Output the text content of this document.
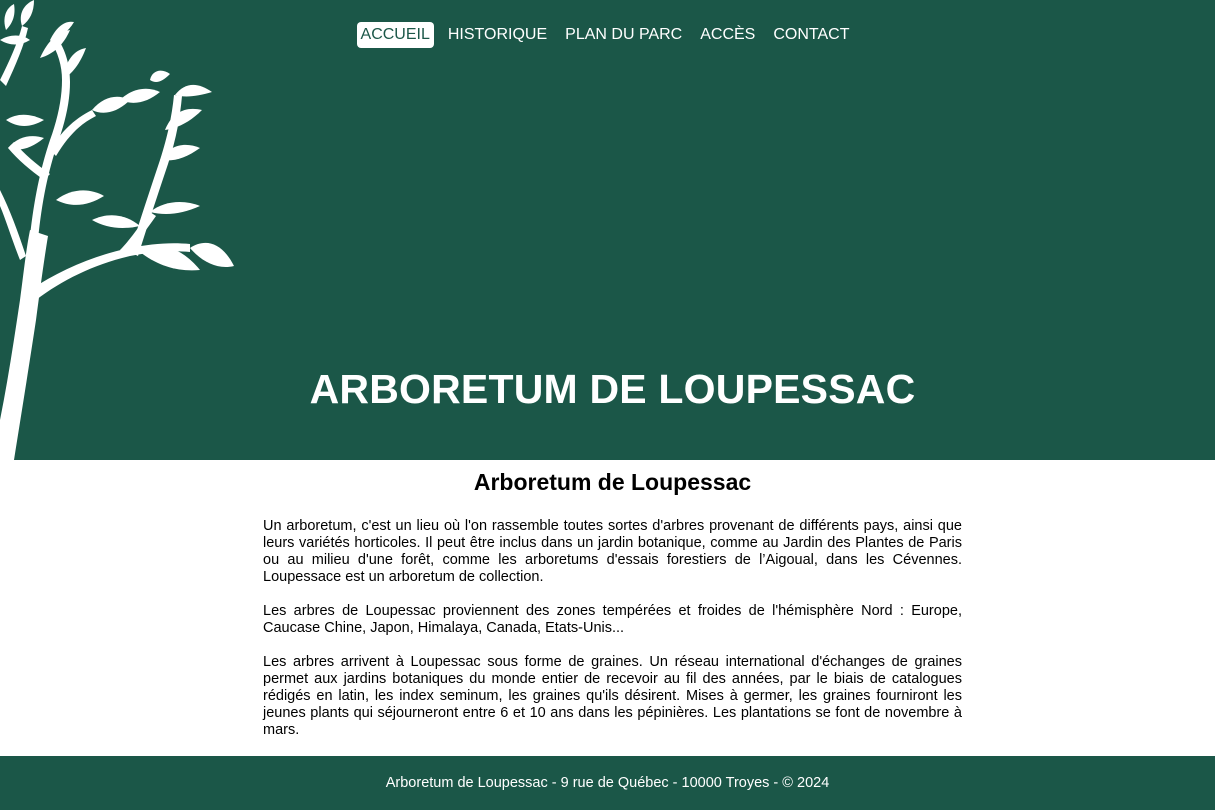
ACCUEIL	HISTORIQUE	PLAN DU PARC	ACCÈS	CONTACT
ARBORETUM DE LOUPESSAC
Arboretum de Loupessac

Un arboretum, c'est un lieu où l'on rassemble toutes sortes d'arbres provenant de différents pays, ainsi que leurs variétés horticoles. Il peut être inclus dans un jardin botanique, comme au Jardin des Plantes de Paris ou au milieu d'une forêt, comme les arboretums d'essais forestiers de l’Aigoual, dans les Cévennes. Loupessace est un arboretum de collection.

Les arbres de Loupessac proviennent des zones tempérées et froides de l'hémisphère Nord : Europe, Caucase Chine, Japon, Himalaya, Canada, Etats-Unis...

Les arbres arrivent à Loupessac sous forme de graines. Un réseau international d'échanges de graines permet aux jardins botaniques du monde entier de recevoir au fil des années, par le biais de catalogues rédigés en latin, les index seminum, les graines qu'ils désirent. Mises à germer, les graines fourniront les jeunes plants qui séjourneront entre 6 et 10 ans dans les pépinières. Les plantations se font de novembre à mars.

Arboretum de Loupessac - 9 rue de Québec - 10000 Troyes - © 2024
